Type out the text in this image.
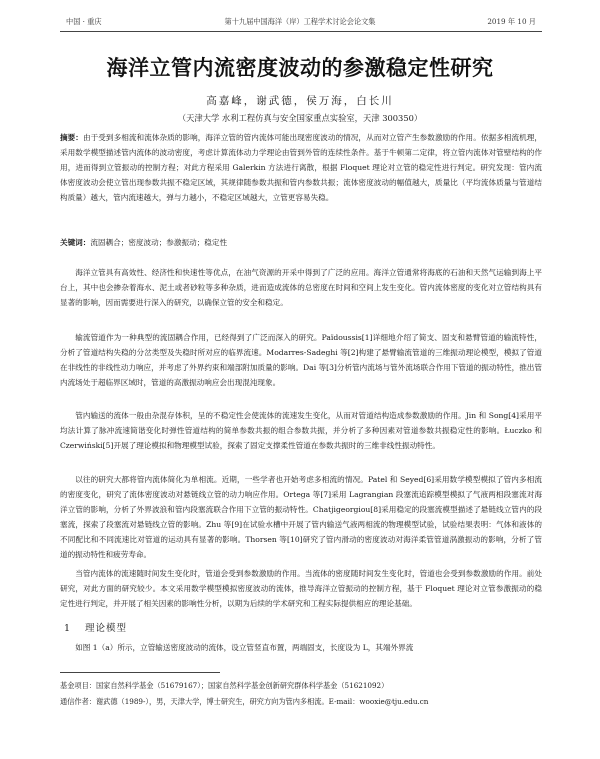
中国 · 重庆	第十九届中国海洋（岸）工程学术讨论会论文集	2019 年 10 月
海洋立管内流密度波动的参激稳定性研究
高嘉峰，谢武德，侯万海，白长川
（天津大学 水利工程仿真与安全国家重点实验室，天津 300350）
摘要：由于受到多相流和流体杂质的影响，海洋立管的管内流体可能出现密度波动的情况，从而对立管产生参数激励的作用。依据多相流机理，采用数学模型描述管内流体的波动密度，考虑计算流体动力学理论由管到外管的连续性条件。基于牛顿第二定律，将立管内流体对管壁结构的作用，进而得到立管振动的控制方程；对此方程采用 Galerkin 方法进行离散，根据 Floquet 理论对立管的稳定性进行判定。研究发现：管内流体密度波动会使立管出现参数共振不稳定区域，其规律随参数共振和管内参数共振；流体密度波动的幅值越大，质量比（平均流体质量与管道结构质量）越大，管内流速越大，弹与力越小，不稳定区域越大，立管更容易失稳。
关键词：流固耦合；密度波动；参激振动；稳定性
海洋立管具有高效性、经济性和快速性等优点，在油气资源的开采中得到了广泛的应用。海洋立管通常将海底的石油和天然气运输到海上平台上，其中也会掺杂着海水、泥土或者砂粒等多种杂质，进而造成流体的总密度在时间和空间上发生变化。管内流体密度的变化对立管结构具有显著的影响，因而需要进行深入的研究，以确保立管的安全和稳定。
输流管道作为一种典型的流固耦合作用，已经得到了广泛而深入的研究。Païdoussis[1]详细地介绍了简支、固支和悬臂管道的输流特性，分析了管道结构失稳的分岔类型及失稳时所对应的临界流速。Modarres-Sadeghi 等[2]构建了悬臂输流管道的三维振动理论模型，模拟了管道在非线性的非线性动力响应，并考虑了外界约束和端部附加质量的影响。Dai 等[3]分析管内流场与管外流场联合作用下管道的振动特性，推出管内流场处于超临界区域时，管道的高激振动响应会出现混沌现象。
管内输送的流体一般由杂混存体积，呈的不稳定性会使流体的流速发生变化，从而对管道结构造成参数激励的作用。Jin 和 Song[4]采用平均法计算了脉冲流速简谐变化时弹性管道结构的简单参数共振的组合参数共振，并分析了多种因素对管道参数共振稳定性的影响。Łuczko 和 Czerwiński[5]开展了理论模拟和物理模型试验，探索了固定支撑柔性管道在参数共振时的三维非线性振动特性。
以往的研究大都将管内流体简化为单相流。近期，一些学者也开始考虑多相流的情况。Patel 和 Seyed[6]采用数学模型模拟了管内多相流的密度变化，研究了流体密度波动对悬链线立管的动力响应作用。Ortega 等[7]采用 Lagrangian 段塞流追踪模型模拟了气液两相段塞流对海洋立管的影响，分析了外界波浪和管内段塞流联合作用下立管的振动特性。Chatjigeorgiou[8]采用稳定的段塞流模型描述了悬链线立管内的段塞流，探索了段塞流对悬链线立管的影响。Zhu 等[9]在试验水槽中开展了管内输送气液两相流的物理模型试验，试验结果表明：气体和液体的不同配比和不同流速比对管道的运动具有显著的影响。Thorsen 等[10]研究了管内滑动的密度波动对海洋柔管管道涡激振动的影响，分析了管道的振动特性和疲劳寿命。
当管内流体的流速随时间发生变化时，管道会受到参数激励的作用。当流体的密度随时间发生变化时，管道也会受到参数激励的作用。前处研究，对此方面的研究较少。本文采用数学模型模拟密度波动的流体，推导海洋立管振动的控制方程，基于 Floquet 理论对立管参激振动的稳定性进行判定，并开展了相关因素的影响性分析，以期为后续的学术研究和工程实际提供相应的理论基础。
1 理论模型
如图 1（a）所示，立管输送密度波动的流体，设立管竖直布置，两端固支，长度设为 L，其端外界流
基金项目：国家自然科学基金（51679167）；国家自然科学基金创新研究群体科学基金（51621092）
通信作者：谢武德（1989-），男，天津大学，博士研究生，研究方向为管内多相流。E-mail：wooxie@tju.edu.cn
